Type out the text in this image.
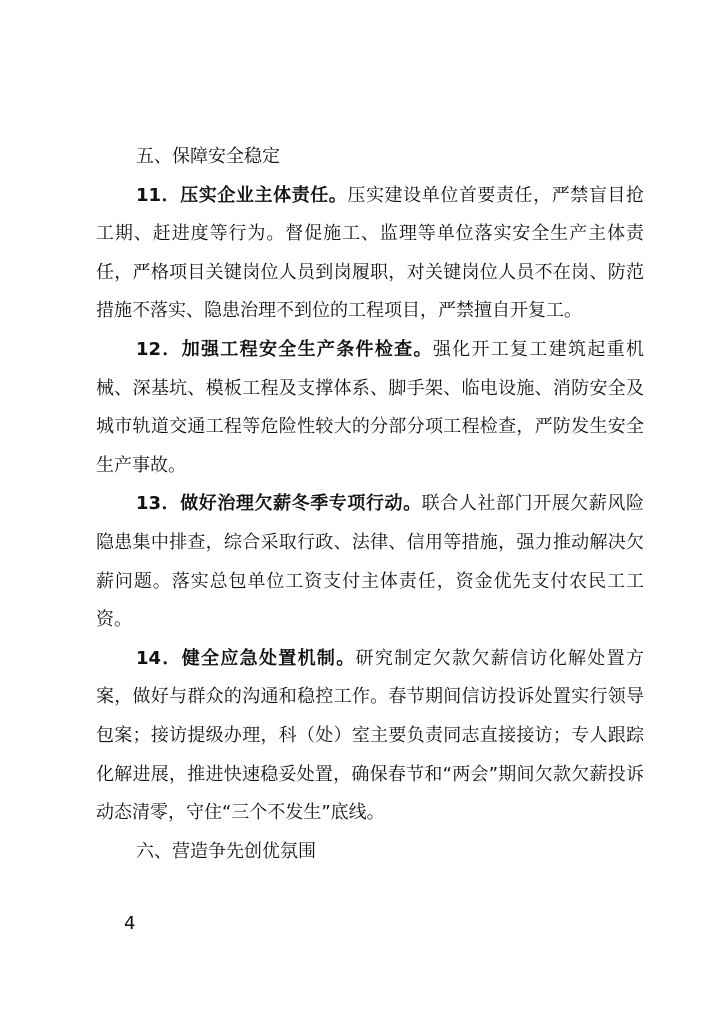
五、保障安全稳定

11．压实企业主体责任。压实建设单位首要责任，严禁盲目抢工期、赶进度等行为。督促施工、监理等单位落实安全生产主体责任，严格项目关键岗位人员到岗履职，对关键岗位人员不在岗、防范措施不落实、隐患治理不到位的工程项目，严禁擅自开复工。

12．加强工程安全生产条件检查。强化开工复工建筑起重机械、深基坑、模板工程及支撑体系、脚手架、临电设施、消防安全及城市轨道交通工程等危险性较大的分部分项工程检查，严防发生安全生产事故。

13．做好治理欠薪冬季专项行动。联合人社部门开展欠薪风险隐患集中排查，综合采取行政、法律、信用等措施，强力推动解决欠薪问题。落实总包单位工资支付主体责任，资金优先支付农民工工资。

14．健全应急处置机制。研究制定欠款欠薪信访化解处置方案，做好与群众的沟通和稳控工作。春节期间信访投诉处置实行领导包案；接访提级办理，科（处）室主要负责同志直接接访；专人跟踪化解进展，推进快速稳妥处置，确保春节和“两会”期间欠款欠薪投诉动态清零，守住“三个不发生”底线。

六、营造争先创优氛围

4
